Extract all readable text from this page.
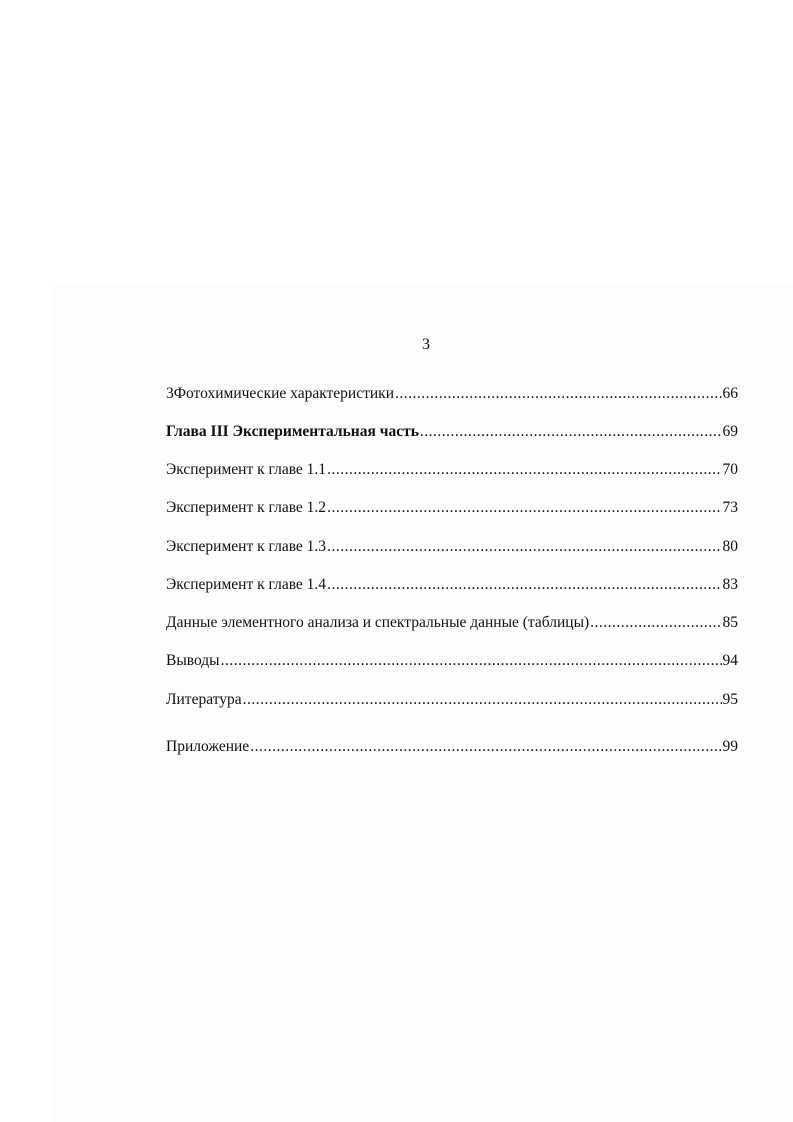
3
3 Фотохимические характеристики .....	66
Глава III Экспериментальная часть .....	69
Эксперимент к главе 1.1 .....	70
Эксперимент к главе 1.2 .....	73
Эксперимент к главе 1.3 .....	80
Эксперимент к главе 1.4 .....	83
Данные элементного анализа и спектральные данные (таблицы) .....	85
Выводы .....	94
Литература .....	95
Приложение .....	99
